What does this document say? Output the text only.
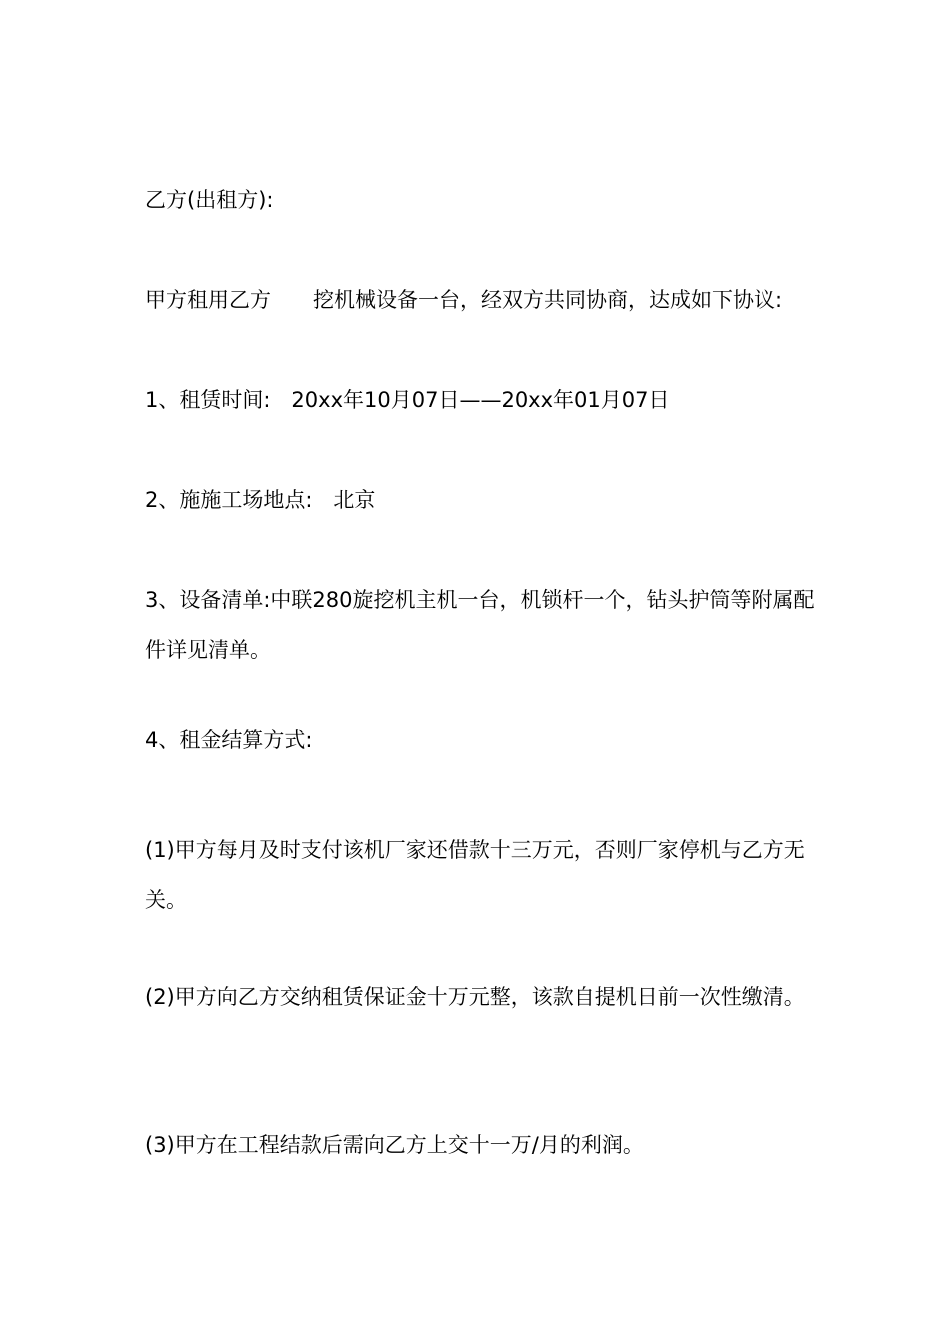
乙方(出租方):

甲方租用乙方　　挖机械设备一台，经双方共同协商，达成如下协议:

1、租赁时间:　20xx年10月07日——20xx年01月07日

2、施施工场地点:　北京

3、设备清单:中联280旋挖机主机一台，机锁杆一个，钻头护筒等附属配件详见清单。

4、租金结算方式:

(1)甲方每月及时支付该机厂家还借款十三万元，否则厂家停机与乙方无关。

(2)甲方向乙方交纳租赁保证金十万元整，该款自提机日前一次性缴清。

(3)甲方在工程结款后需向乙方上交十一万/月的利润。
